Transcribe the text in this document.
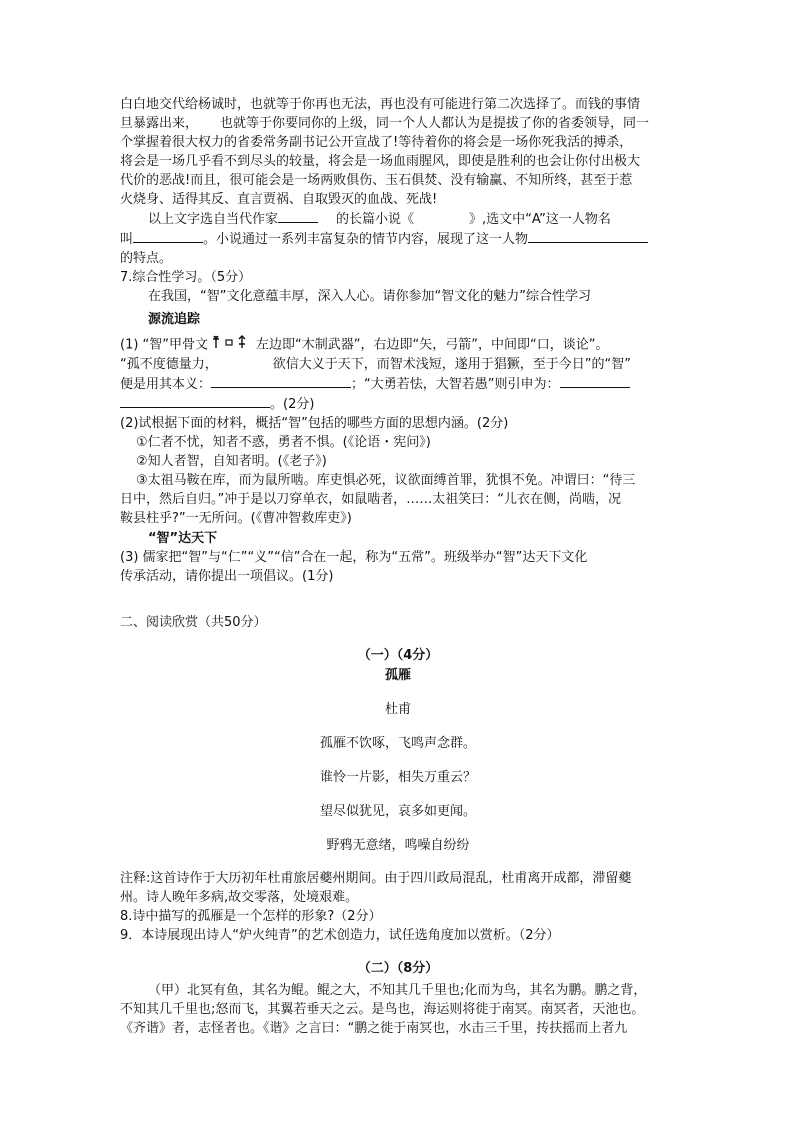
白白地交代给杨诚时，也就等于你再也无法，再也没有可能进行第二次选择了。而钱的事情

旦暴露出来， 也就等于你要同你的上级，同一个人人都认为是提拔了你的省委领导，同一

个掌握着很大权力的省委常务副书记公开宣战了!等待着你的将会是一场你死我活的搏杀，

将会是一场几乎看不到尽头的较量，将会是一场血雨腥风，即使是胜利的也会让你付出极大

代价的恶战!而且，很可能会是一场两败俱伤、玉石俱焚、没有输赢、不知所终，甚至于惹

火烧身、适得其反、直言贾祸、自取毁灭的血战、死战!

以上文字选自当代作家	的长篇小说《	》,选文中“A”这一人物名

叫	。小说通过一系列丰富复杂的情节内容，展现了这一人物

的特点。

7.综合性学习。（5分）

在我国，“智”文化意蕴丰厚，深入人心。请你参加“智文化的魅力”综合性学习

源流追踪

(1) “智”甲骨文	左边即“木制武器”，右边即“矢，弓箭”，中间即“口，谈论”。

“孤不度德量力，	欲信大义于天下，而智术浅短，遂用于猖獗，至于今日”的“智”

便是用其本义：	；“大勇若怯，大智若愚”则引申为：

。(2分)

(2)试根据下面的材料，概括“智”包括的哪些方面的思想内涵。(2分)

①仁者不忧，知者不惑，勇者不惧。(《论语・宪问》)

②知人者智，自知者明。(《老子》)

③太祖马鞍在库，而为鼠所啮。库吏惧必死，议欲面缚首罪，犹惧不免。冲谓曰：“待三

日中，然后自归。”冲于是以刀穿单衣，如鼠啮者，……太祖笑曰：“儿衣在侧，尚啮，况

鞍县柱乎?”一无所问。(《曹冲智救库吏》)

“智”达天下

(3) 儒家把“智”与“仁”“义”“信”合在一起，称为“五常”。班级举办“智”达天下文化

传承活动，请你提出一项倡议。(1分)

二、阅读欣赏（共50分）

（一）（4分）

孤雁

杜甫

孤雁不饮啄，飞鸣声念群。

谁怜一片影，相失万重云？

望尽似犹见，哀多如更闻。

野鸦无意绪，鸣噪自纷纷

注释:这首诗作于大历初年杜甫旅居夔州期间。由于四川政局混乱，杜甫离开成都，滞留夔

州。诗人晚年多病,故交零落，处境艰难。

8.诗中描写的孤雁是一个怎样的形象?（2分）

9．本诗展现出诗人“炉火纯青”的艺术创造力，试任选角度加以赏析。（2分）

（二）（8分）

（甲）北冥有鱼，其名为鲲。鲲之大，不知其几千里也;化而为鸟，其名为鹏。鹏之背，

不知其几千里也;怒而飞，其翼若垂天之云。是鸟也，海运则将徙于南冥。南冥者，天池也。

《齐谐》者，志怪者也。《谐》之言曰：“鹏之徙于南冥也，水击三千里，抟扶摇而上者九
